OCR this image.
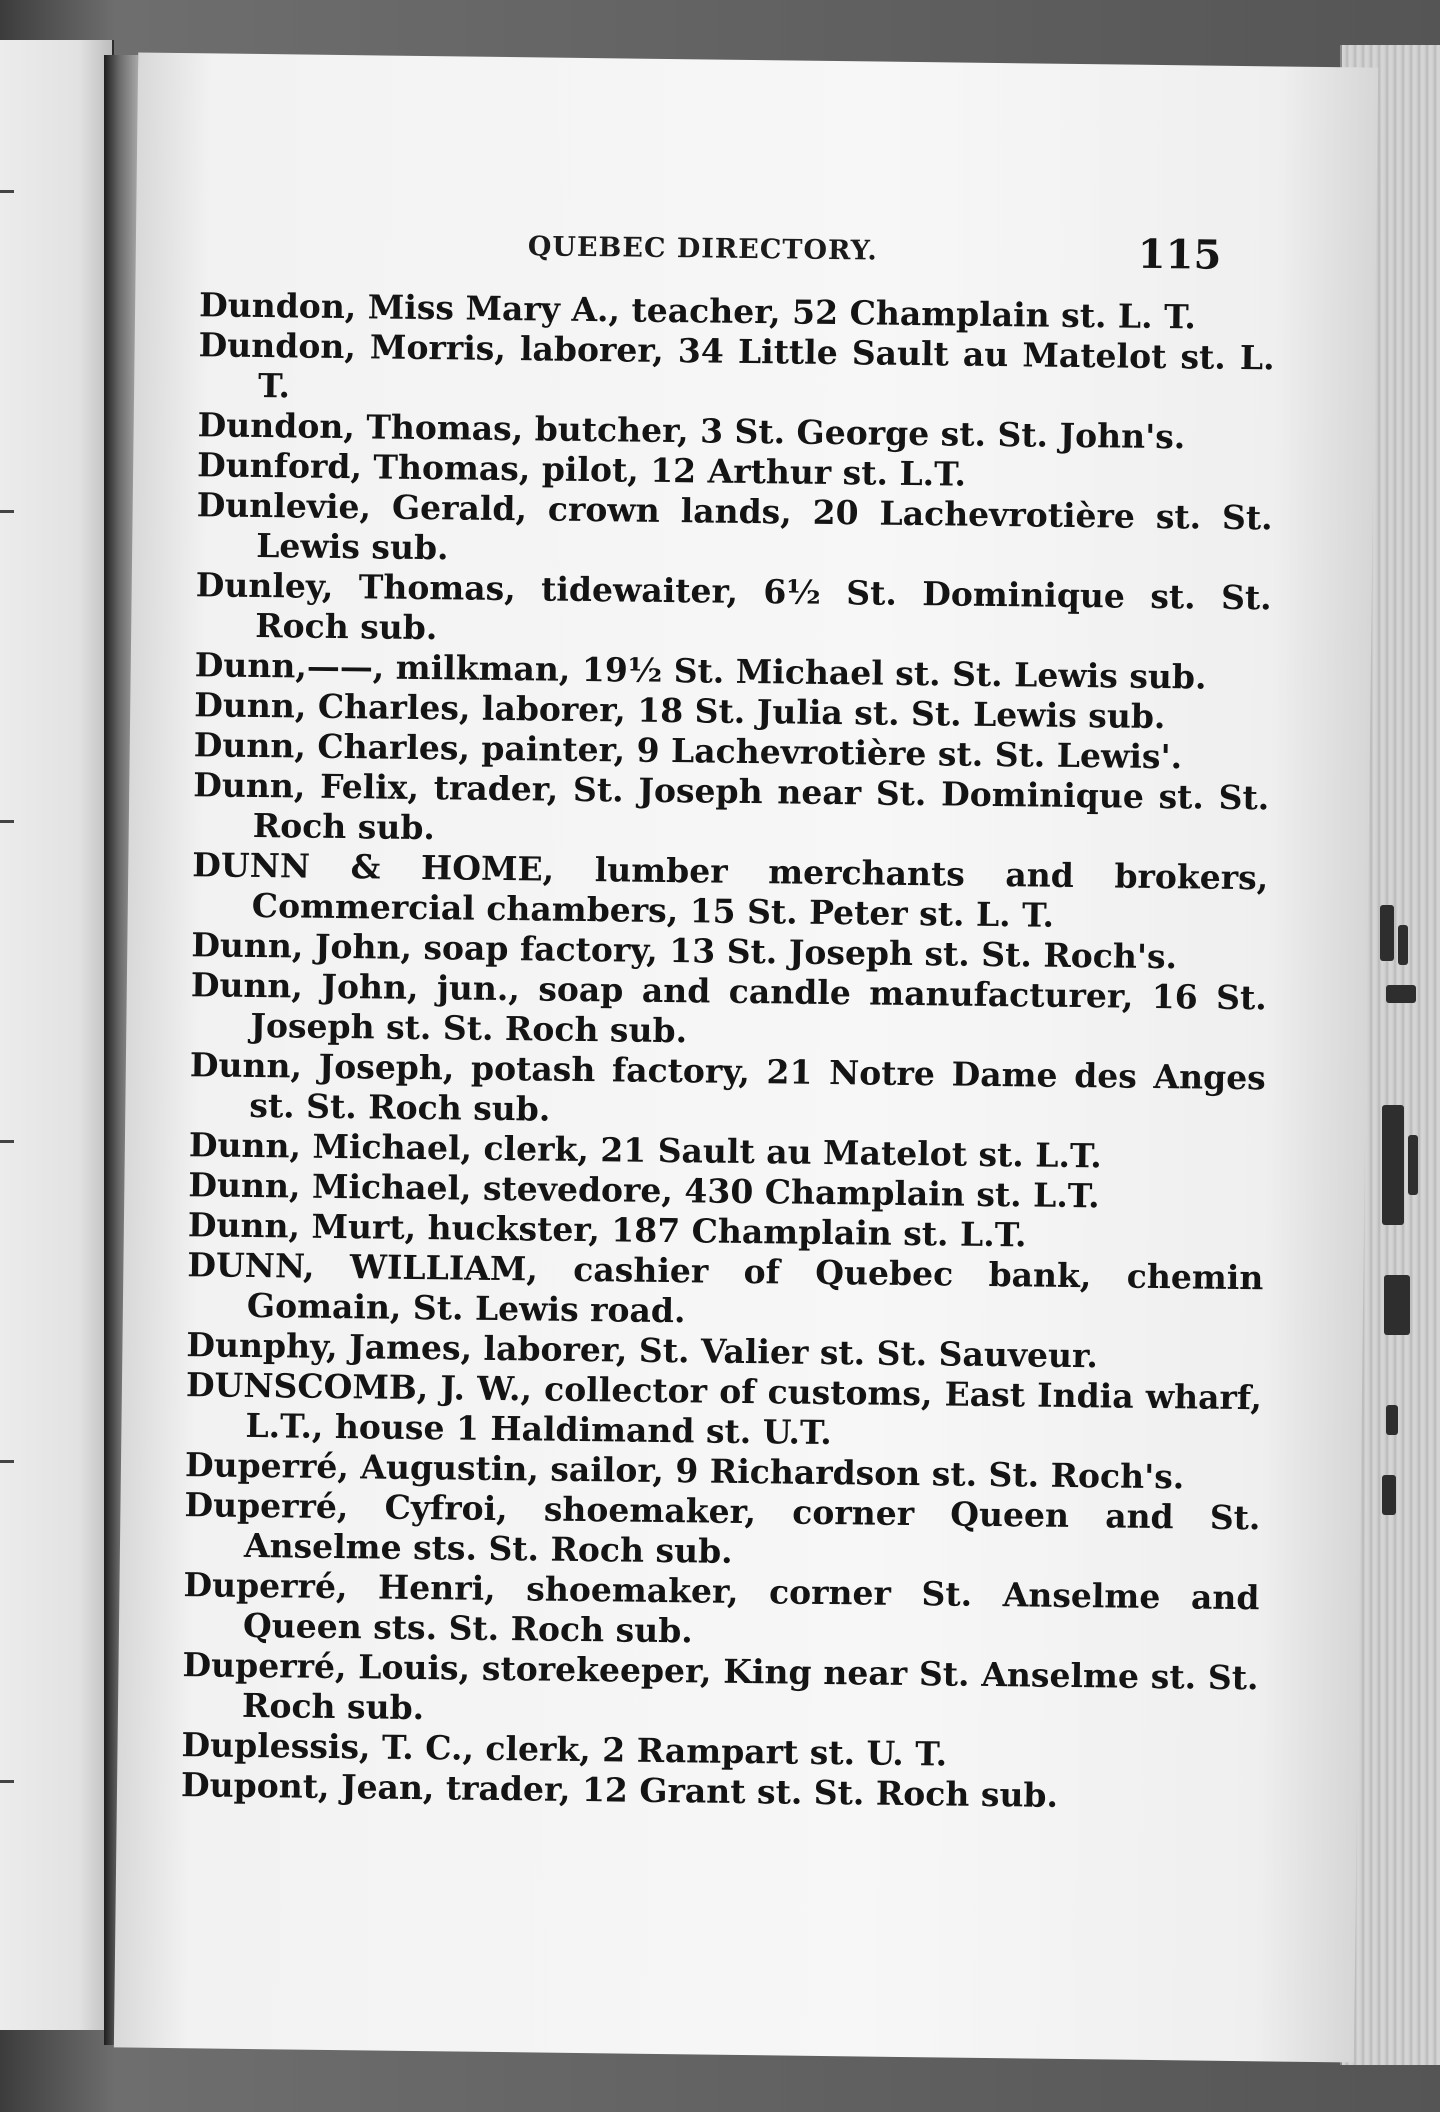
QUEBEC DIRECTORY.	115
Dundon, Miss Mary A., teacher, 52 Champlain st. L. T.
Dundon, Morris, laborer, 34 Little Sault au Matelot st. L. T.
Dundon, Thomas, butcher, 3 St. George st. St. John's.
Dunford, Thomas, pilot, 12 Arthur st. L.T.
Dunlevie, Gerald, crown lands, 20 Lachevrotière st. St. Lewis sub.
Dunley, Thomas, tidewaiter, 6½ St. Dominique st. St. Roch sub.
Dunn,——, milkman, 19½ St. Michael st. St. Lewis sub.
Dunn, Charles, laborer, 18 St. Julia st. St. Lewis sub.
Dunn, Charles, painter, 9 Lachevrotière st. St. Lewis'.
Dunn, Felix, trader, St. Joseph near St. Dominique st. St. Roch sub.
DUNN & HOME, lumber merchants and brokers, Commercial chambers, 15 St. Peter st. L. T.
Dunn, John, soap factory, 13 St. Joseph st. St. Roch's.
Dunn, John, jun., soap and candle manufacturer, 16 St. Joseph st. St. Roch sub.
Dunn, Joseph, potash factory, 21 Notre Dame des Anges st. St. Roch sub.
Dunn, Michael, clerk, 21 Sault au Matelot st. L.T.
Dunn, Michael, stevedore, 430 Champlain st. L.T.
Dunn, Murt, huckster, 187 Champlain st. L.T.
DUNN, WILLIAM, cashier of Quebec bank, chemin Gomain, St. Lewis road.
Dunphy, James, laborer, St. Valier st. St. Sauveur.
DUNSCOMB, J. W., collector of customs, East India wharf, L.T., house 1 Haldimand st. U.T.
Duperré, Augustin, sailor, 9 Richardson st. St. Roch's.
Duperré, Cyfroi, shoemaker, corner Queen and St. Anselme sts. St. Roch sub.
Duperré, Henri, shoemaker, corner St. Anselme and Queen sts. St. Roch sub.
Duperré, Louis, storekeeper, King near St. Anselme st. St. Roch sub.
Duplessis, T. C., clerk, 2 Rampart st. U. T.
Dupont, Jean, trader, 12 Grant st. St. Roch sub.
